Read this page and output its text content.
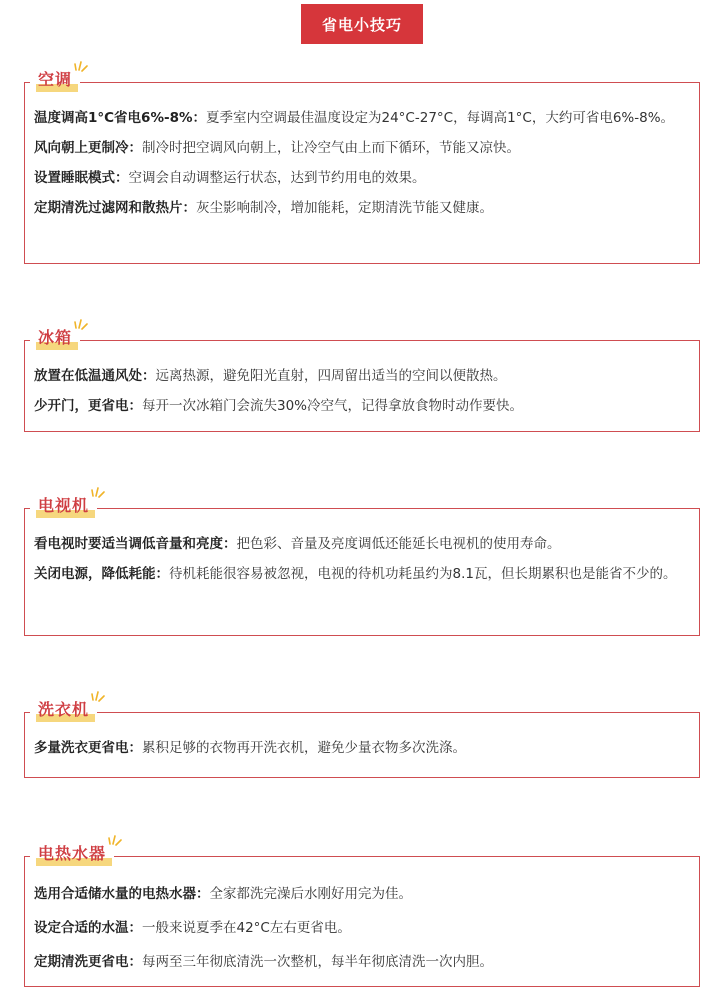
省电小技巧
空调

温度调高1°C省电6%-8%：夏季室内空调最佳温度设定为24°C-27°C，每调高1°C，大约可省电6%-8%。

风向朝上更制冷：制冷时把空调风向朝上，让冷空气由上而下循环，节能又凉快。

设置睡眠模式：空调会自动调整运行状态，达到节约用电的效果。

定期清洗过滤网和散热片：灰尘影响制冷，增加能耗，定期清洗节能又健康。

冰箱

放置在低温通风处：远离热源，避免阳光直射，四周留出适当的空间以便散热。

少开门，更省电：每开一次冰箱门会流失30%冷空气，记得拿放食物时动作要快。

电视机

看电视时要适当调低音量和亮度：把色彩、音量及亮度调低还能延长电视机的使用寿命。

关闭电源，降低耗能：待机耗能很容易被忽视，电视的待机功耗虽约为8.1瓦，但长期累积也是能省不少的。

洗衣机

多量洗衣更省电：累积足够的衣物再开洗衣机，避免少量衣物多次洗涤。

电热水器

选用合适储水量的电热水器：全家都洗完澡后水刚好用完为佳。

设定合适的水温：一般来说夏季在42°C左右更省电。

定期清洗更省电：每两至三年彻底清洗一次整机，每半年彻底清洗一次内胆。
